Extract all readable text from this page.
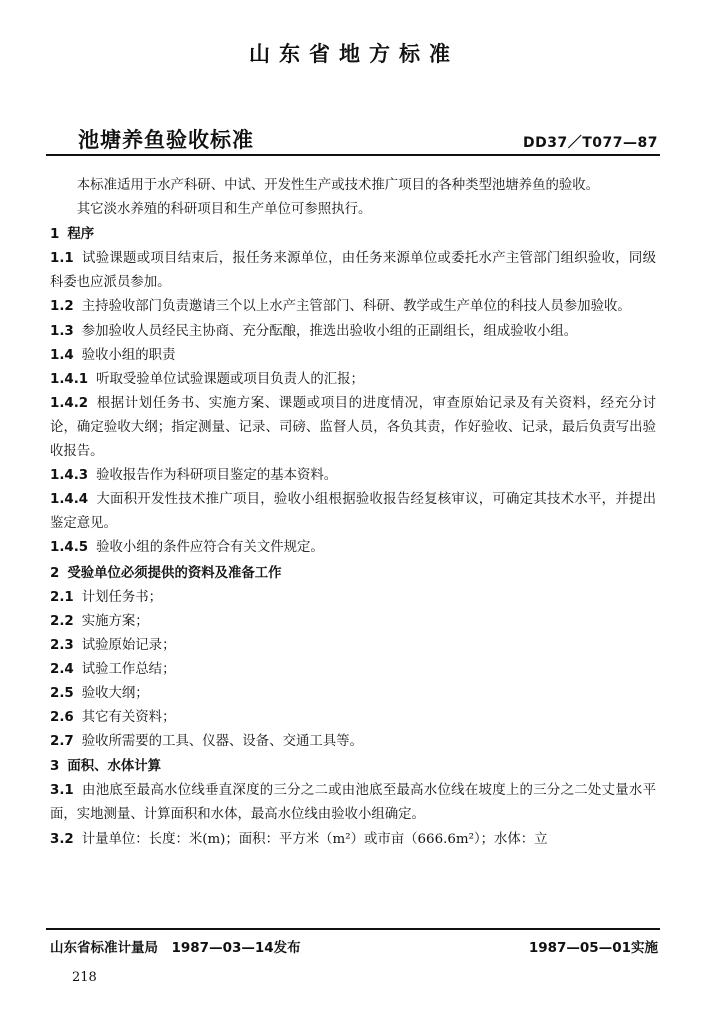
山东省地方标准
池塘养鱼验收标准	DD37／T077—87

本标准适用于水产科研、中试、开发性生产或技术推广项目的各种类型池塘养鱼的验收。

其它淡水养殖的科研项目和生产单位可参照执行。

1 程序

1.1 试验课题或项目结束后，报任务来源单位，由任务来源单位或委托水产主管部门组织验收，同级科委也应派员参加。

1.2 主持验收部门负责邀请三个以上水产主管部门、科研、教学或生产单位的科技人员参加验收。

1.3 参加验收人员经民主协商、充分酝酿，推选出验收小组的正副组长，组成验收小组。

1.4 验收小组的职责

1.4.1 听取受验单位试验课题或项目负责人的汇报；

1.4.2 根据计划任务书、实施方案、课题或项目的进度情况，审查原始记录及有关资料，经充分讨论，确定验收大纲；指定测量、记录、司磅、监督人员，各负其责，作好验收、记录，最后负责写出验收报告。

1.4.3 验收报告作为科研项目鉴定的基本资料。

1.4.4 大面积开发性技术推广项目，验收小组根据验收报告经复核审议，可确定其技术水平，并提出鉴定意见。

1.4.5 验收小组的条件应符合有关文件规定。

2 受验单位必须提供的资料及准备工作

2.1 计划任务书；

2.2 实施方案；

2.3 试验原始记录；

2.4 试验工作总结；

2.5 验收大纲；

2.6 其它有关资料；

2.7 验收所需要的工具、仪器、设备、交通工具等。

3 面积、水体计算

3.1 由池底至最高水位线垂直深度的三分之二或由池底至最高水位线在坡度上的三分之二处丈量水平面，实地测量、计算面积和水体，最高水位线由验收小组确定。

3.2 计量单位：长度：米(m)；面积：平方米（m²）或市亩（666.6m²）；水体：立

山东省标准计量局　1987—03—14发布	1987—05—01实施
218
